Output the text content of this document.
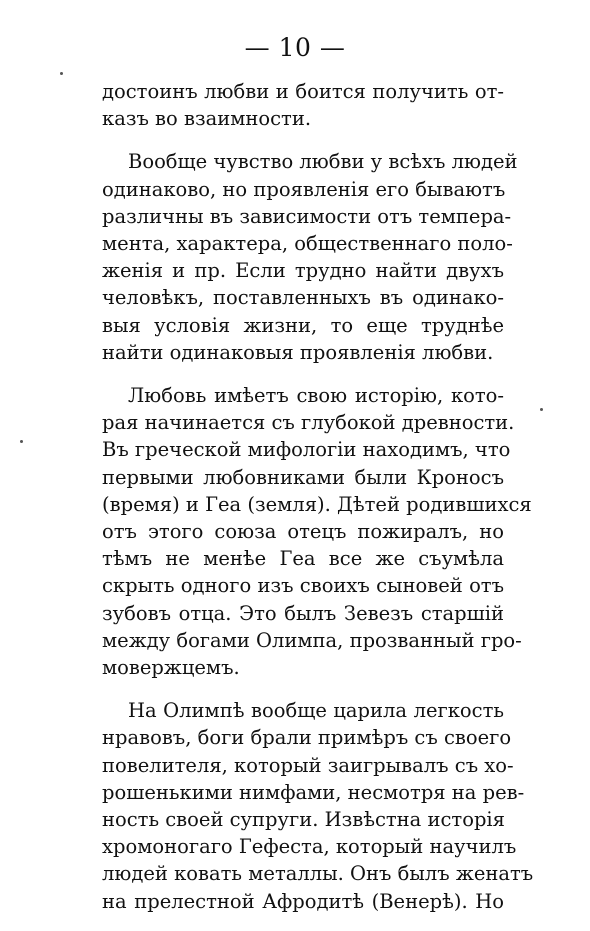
— 10 —
достоинъ любви и боится получить от-
казъ во взаимности.
Вообще чувство любви у всѣхъ людей
одинаково, но проявленія его бываютъ
различны въ зависимости отъ темпера-
мента, характера, общественнаго поло-
женія и пр. Если трудно найти двухъ
человѣкъ, поставленныхъ въ одинако-
выя условія жизни, то еще труднѣе
найти одинаковыя проявленія любви.
Любовь имѣетъ свою исторію, кото-
рая начинается съ глубокой древности.
Въ греческой мифологіи находимъ, что
первыми любовниками были Кроносъ
(время) и Геа (земля). Дѣтей родившихся
отъ этого союза отецъ пожиралъ, но
тѣмъ не менѣе Геа все же съумѣла
скрыть одного изъ своихъ сыновей отъ
зубовъ отца. Это былъ Зевезъ старшій
между богами Олимпа, прозванный гро-
мовержцемъ.
На Олимпѣ вообще царила легкость
нравовъ, боги брали примѣръ съ своего
повелителя, который заигрывалъ съ хо-
рошенькими нимфами, несмотря на рев-
ность своей супруги. Извѣстна исторія
хромоногаго Гефеста, который научилъ
людей ковать металлы. Онъ былъ женатъ
на прелестной Афродитѣ (Венерѣ). Но
